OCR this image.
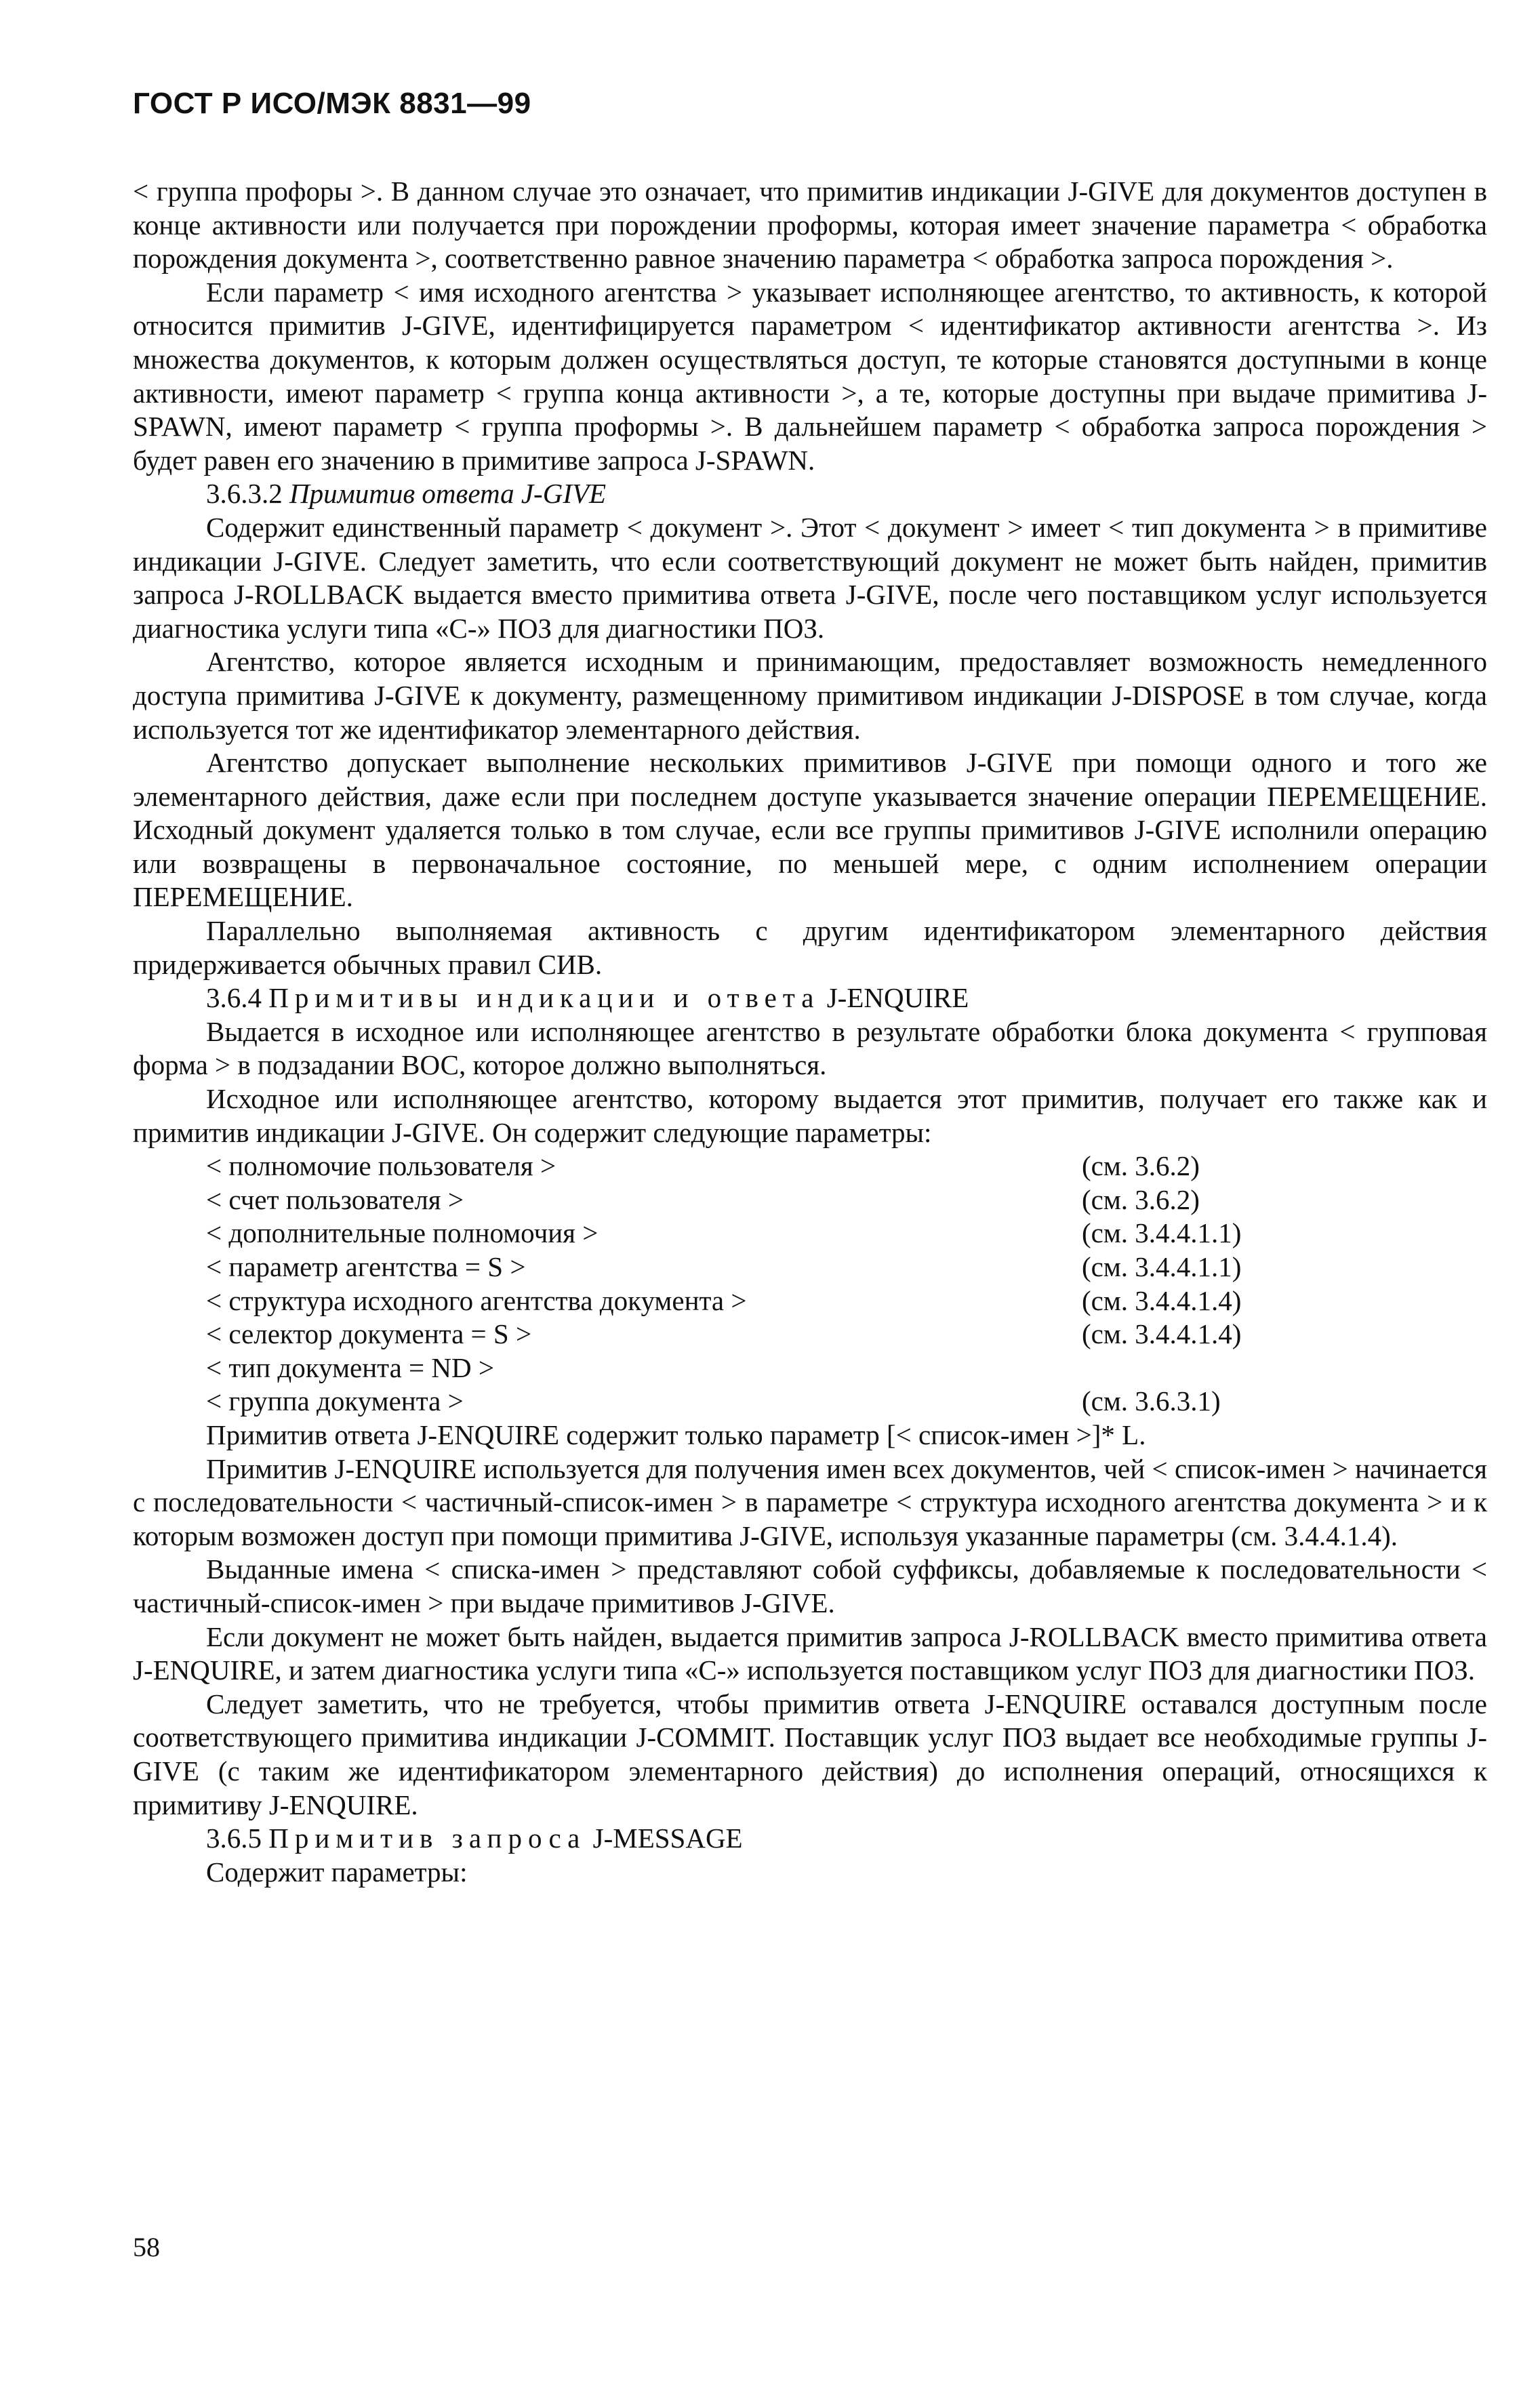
ГОСТ Р ИСО/МЭК 8831—99

< группа профоры >. В данном случае это означает, что примитив индикации J-GIVE для документов доступен в конце активности или получается при порождении проформы, которая имеет значение параметра < обработка порождения документа >, соответственно равное значению параметра < обработка запроса порождения >.

Если параметр < имя исходного агентства > указывает исполняющее агентство, то активность, к которой относится примитив J-GIVE, идентифицируется параметром < идентификатор активности агентства >. Из множества документов, к которым должен осуществляться доступ, те которые становятся доступными в конце активности, имеют параметр < группа конца активности >, а те, которые доступны при выдаче примитива J-SPAWN, имеют параметр < группа проформы >. В дальнейшем параметр < обработка запроса порождения > будет равен его значению в примитиве запроса J-SPAWN.

3.6.3.2 Примитив ответа J-GIVE

Содержит единственный параметр < документ >. Этот < документ > имеет < тип документа > в примитиве индикации J-GIVE. Следует заметить, что если соответствующий документ не может быть найден, примитив запроса J-ROLLBACK выдается вместо примитива ответа J-GIVE, после чего поставщиком услуг используется диагностика услуги типа «С-» ПОЗ для диагностики ПОЗ.

Агентство, которое является исходным и принимающим, предоставляет возможность немедленного доступа примитива J-GIVE к документу, размещенному примитивом индикации J-DISPOSE в том случае, когда используется тот же идентификатор элементарного действия.

Агентство допускает выполнение нескольких примитивов J-GIVE при помощи одного и того же элементарного действия, даже если при последнем доступе указывается значение операции ПЕРЕМЕЩЕНИЕ. Исходный документ удаляется только в том случае, если все группы примитивов J-GIVE исполнили операцию или возвращены в первоначальное состояние, по меньшей мере, с одним исполнением операции ПЕРЕМЕЩЕНИЕ.

Параллельно выполняемая активность с другим идентификатором элементарного действия придерживается обычных правил СИВ.

3.6.4 Примитивы индикации и ответа J-ENQUIRE

Выдается в исходное или исполняющее агентство в результате обработки блока документа < групповая форма > в подзадании ВОС, которое должно выполняться.

Исходное или исполняющее агентство, которому выдается этот примитив, получает его также как и примитив индикации J-GIVE. Он содержит следующие параметры:

< полномочие пользователя >	(см. 3.6.2)
< счет пользователя >	(см. 3.6.2)
< дополнительные полномочия >	(см. 3.4.4.1.1)
< параметр агентства = S >	(см. 3.4.4.1.1)
< структура исходного агентства документа >	(см. 3.4.4.1.4)
< селектор документа = S >	(см. 3.4.4.1.4)
< тип документа = ND >
< группа документа >	(см. 3.6.3.1)

Примитив ответа J-ENQUIRE содержит только параметр [< список-имен >]* L.

Примитив J-ENQUIRE используется для получения имен всех документов, чей < список-имен > начинается с последовательности < частичный-список-имен > в параметре < структура исходного агентства документа > и к которым возможен доступ при помощи примитива J-GIVE, используя указанные параметры (см. 3.4.4.1.4).

Выданные имена < списка-имен > представляют собой суффиксы, добавляемые к последовательности < частичный-список-имен > при выдаче примитивов J-GIVE.

Если документ не может быть найден, выдается примитив запроса J-ROLLBACK вместо примитива ответа J-ENQUIRE, и затем диагностика услуги типа «С-» используется поставщиком услуг ПОЗ для диагностики ПОЗ.

Следует заметить, что не требуется, чтобы примитив ответа J-ENQUIRE оставался доступным после соответствующего примитива индикации J-COMMIT. Поставщик услуг ПОЗ выдает все необходимые группы J-GIVE (с таким же идентификатором элементарного действия) до исполнения операций, относящихся к примитиву J-ENQUIRE.

3.6.5 Примитив запроса J-MESSAGE

Содержит параметры:

58
